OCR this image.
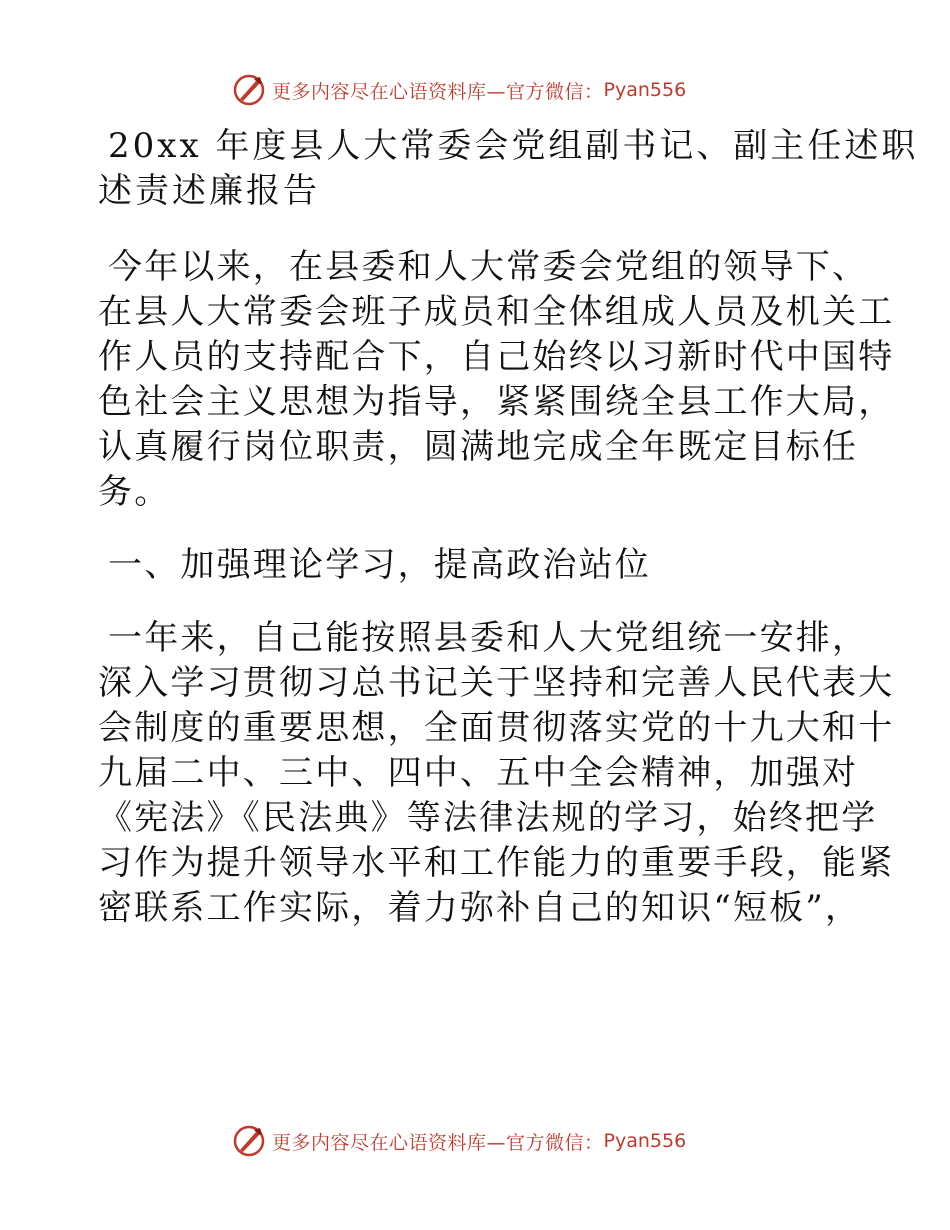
更多内容尽在心语资料库—官方微信： Pyan556
20xx 年度县人大常委会党组副书记、副主任述职
述责述廉报告
今年以来，在县委和人大常委会党组的领导下、
在县人大常委会班子成员和全体组成人员及机关工
作人员的支持配合下，自己始终以习新时代中国特
色社会主义思想为指导，紧紧围绕全县工作大局，
认真履行岗位职责，圆满地完成全年既定目标任
务。
一、加强理论学习，提高政治站位
一年来，自己能按照县委和人大党组统一安排，
深入学习贯彻习总书记关于坚持和完善人民代表大
会制度的重要思想，全面贯彻落实党的十九大和十
九届二中、三中、四中、五中全会精神，加强对
《宪法》《民法典》等法律法规的学习，始终把学
习作为提升领导水平和工作能力的重要手段，能紧
密联系工作实际，着力弥补自己的知识“短板”，
更多内容尽在心语资料库—官方微信： Pyan556
